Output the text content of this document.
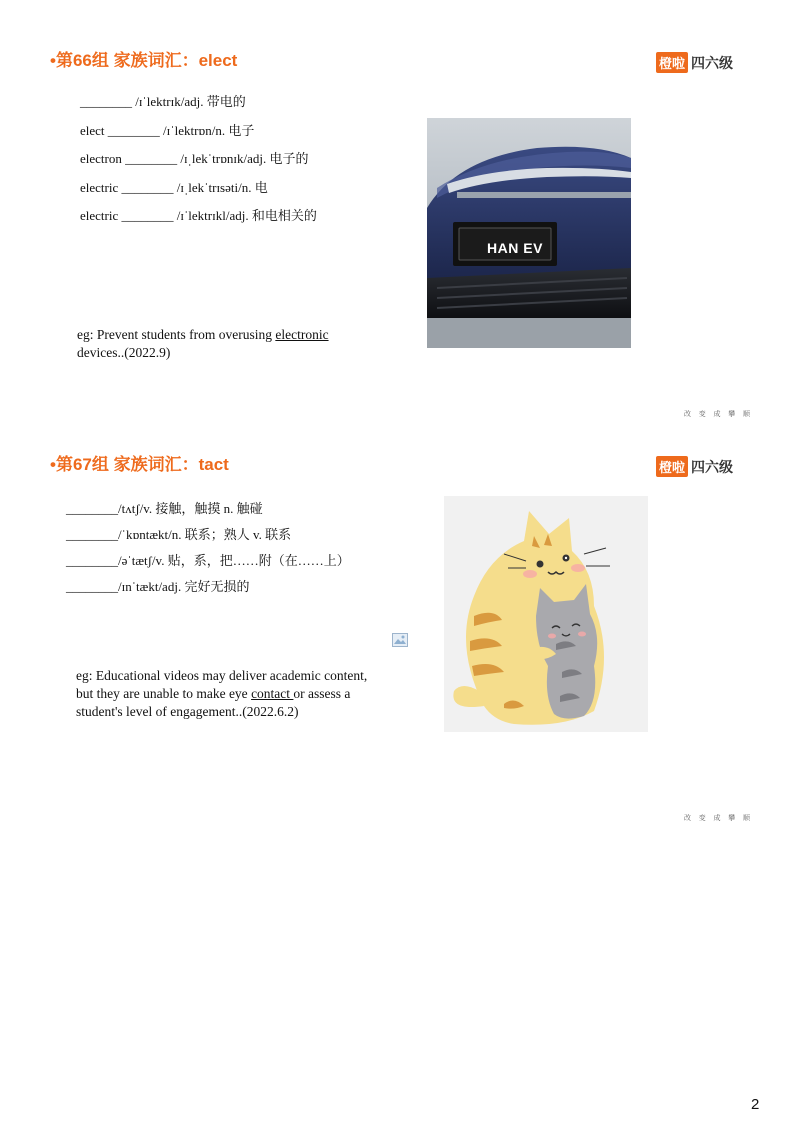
•第66组 家族词汇：elect	橙啦 四六级
________ /ɪˈlektrɪk/adj. 带电的
elect ________ /ɪˈlektrɒn/n. 电子
electron ________ /ɪˌlekˈtrɒnɪk/adj. 电子的
electric ________ /ɪˌlekˈtrɪsəti/n. 电
electric ________ /ɪˈlektrɪkl/adj. 和电相关的
eg: Prevent students from overusing electronic
devices..(2022.9)
HAN EV
改 变 成 攀 顺
•第67组 家族词汇：tact	橙啦 四六级
________/tʌtʃ/v. 接触，触摸 n. 触碰
________/ˈkɒntækt/n. 联系；熟人 v. 联系
________/əˈtætʃ/v. 贴，系，把……附（在……上）
________/ɪnˈtækt/adj. 完好无损的
eg: Educational videos may deliver academic content,
but they are unable to make eye contact or assess a
student's level of engagement..(2022.6.2)
改 变 成 攀 顺
2
